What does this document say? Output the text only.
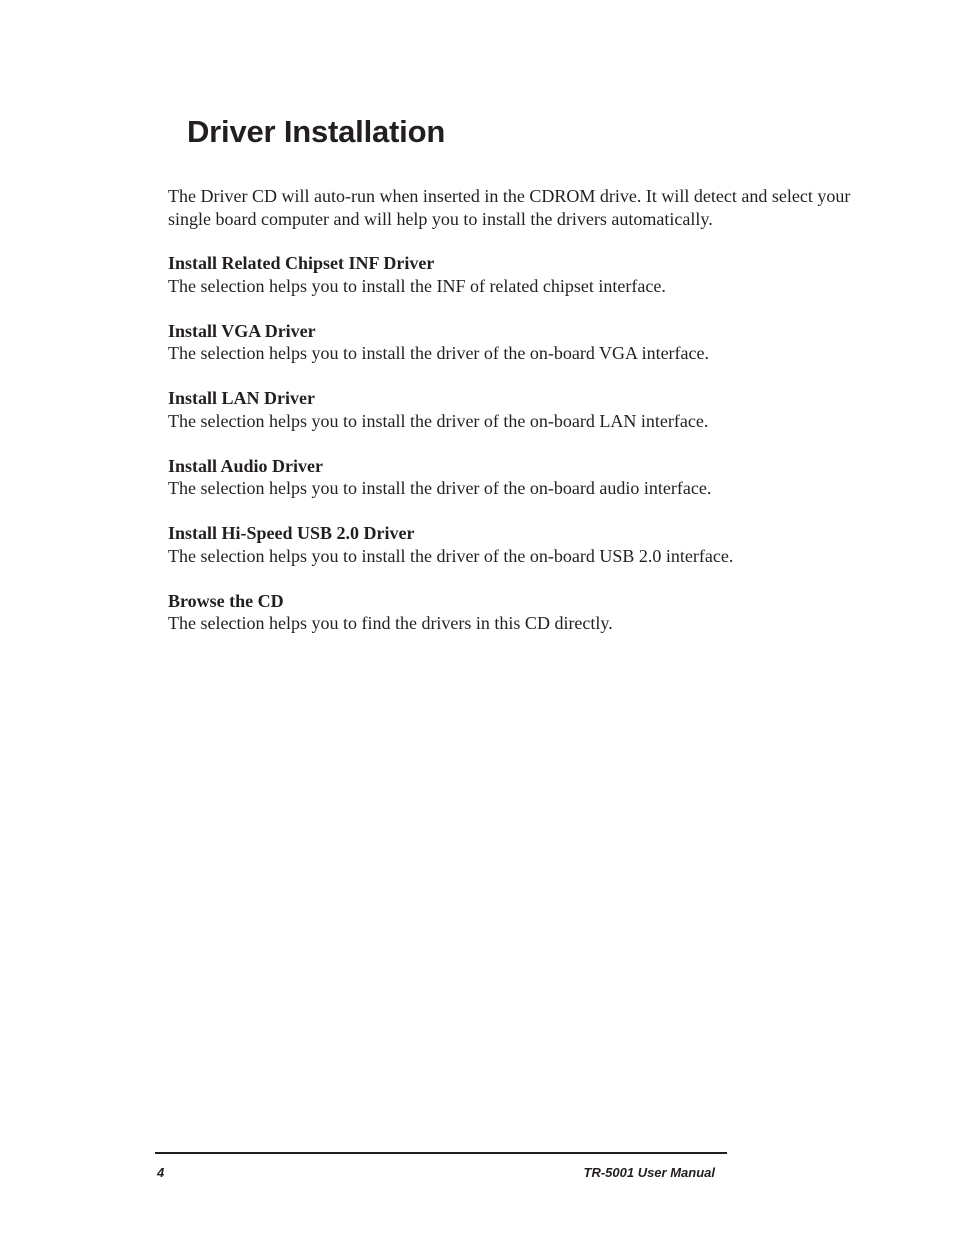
Driver Installation

The Driver CD will auto-run when inserted in the CDROM drive. It will detect and select your single board computer and will help you to install the drivers automatically.

Install Related Chipset INF Driver
The selection helps you to install the INF of related chipset interface.
Install VGA Driver
The selection helps you to install the driver of the on-board VGA interface.
Install LAN Driver
The selection helps you to install the driver of the on-board LAN interface.
Install Audio Driver
The selection helps you to install the driver of the on-board audio interface.
Install Hi-Speed USB 2.0 Driver
The selection helps you to install the driver of the on-board USB 2.0 interface.
Browse the CD
The selection helps you to find the drivers in this CD directly.
4	TR-5001 User Manual
